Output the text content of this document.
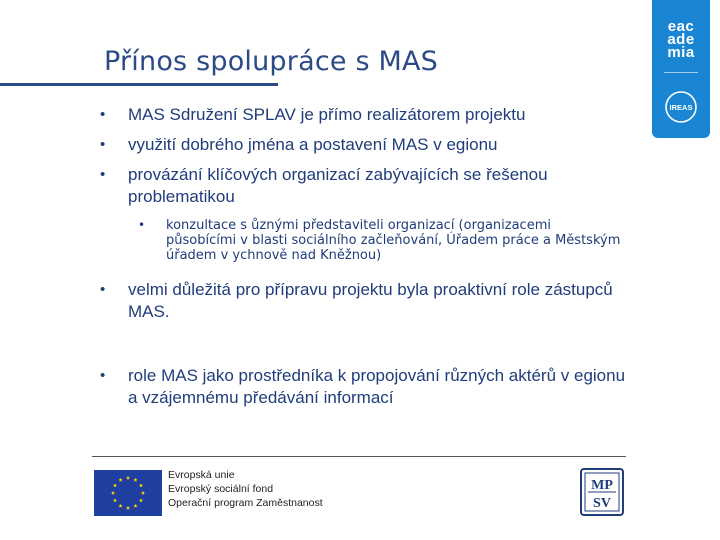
Přínos spolupráce s MAS
eac
ade
mia
IREAS
• MAS Sdružení SPLAV je přímo realizátorem projektu
• využití dobrého jména a postavení MAS v egionu
• provázání klíčových organizací zabývajících se řešenou problematikou
• konzultace s ůznými představiteli organizací (organizacemi působícími v blasti sociálního začleňování, Úřadem práce a Městským úřadem v ychnově nad Kněžnou)
• velmi důležitá pro přípravu projektu byla proaktivní role zástupců MAS.
• role MAS jako prostředníka k propojování různých aktérů v egionu a vzájemnému předávání informací
Evropská unie
Evropský sociální fond
Operační program Zaměstnanost
MP
SV
